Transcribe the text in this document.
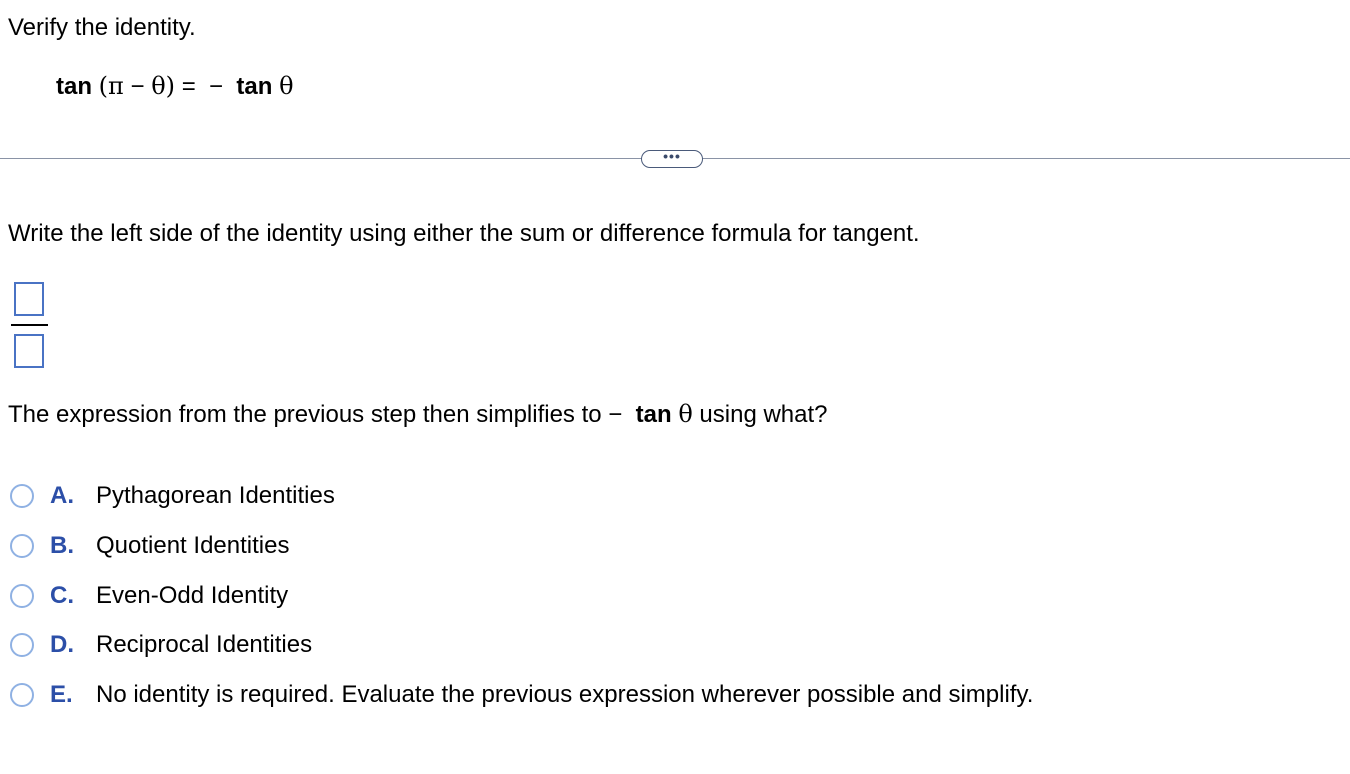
Verify the identity.
tan (π − θ) = − tan θ
•••
Write the left side of the identity using either the sum or difference formula for tangent.
The expression from the previous step then simplifies to − tan θ using what?
A. Pythagorean Identities
B. Quotient Identities
C. Even-Odd Identity
D. Reciprocal Identities
E. No identity is required. Evaluate the previous expression wherever possible and simplify.
